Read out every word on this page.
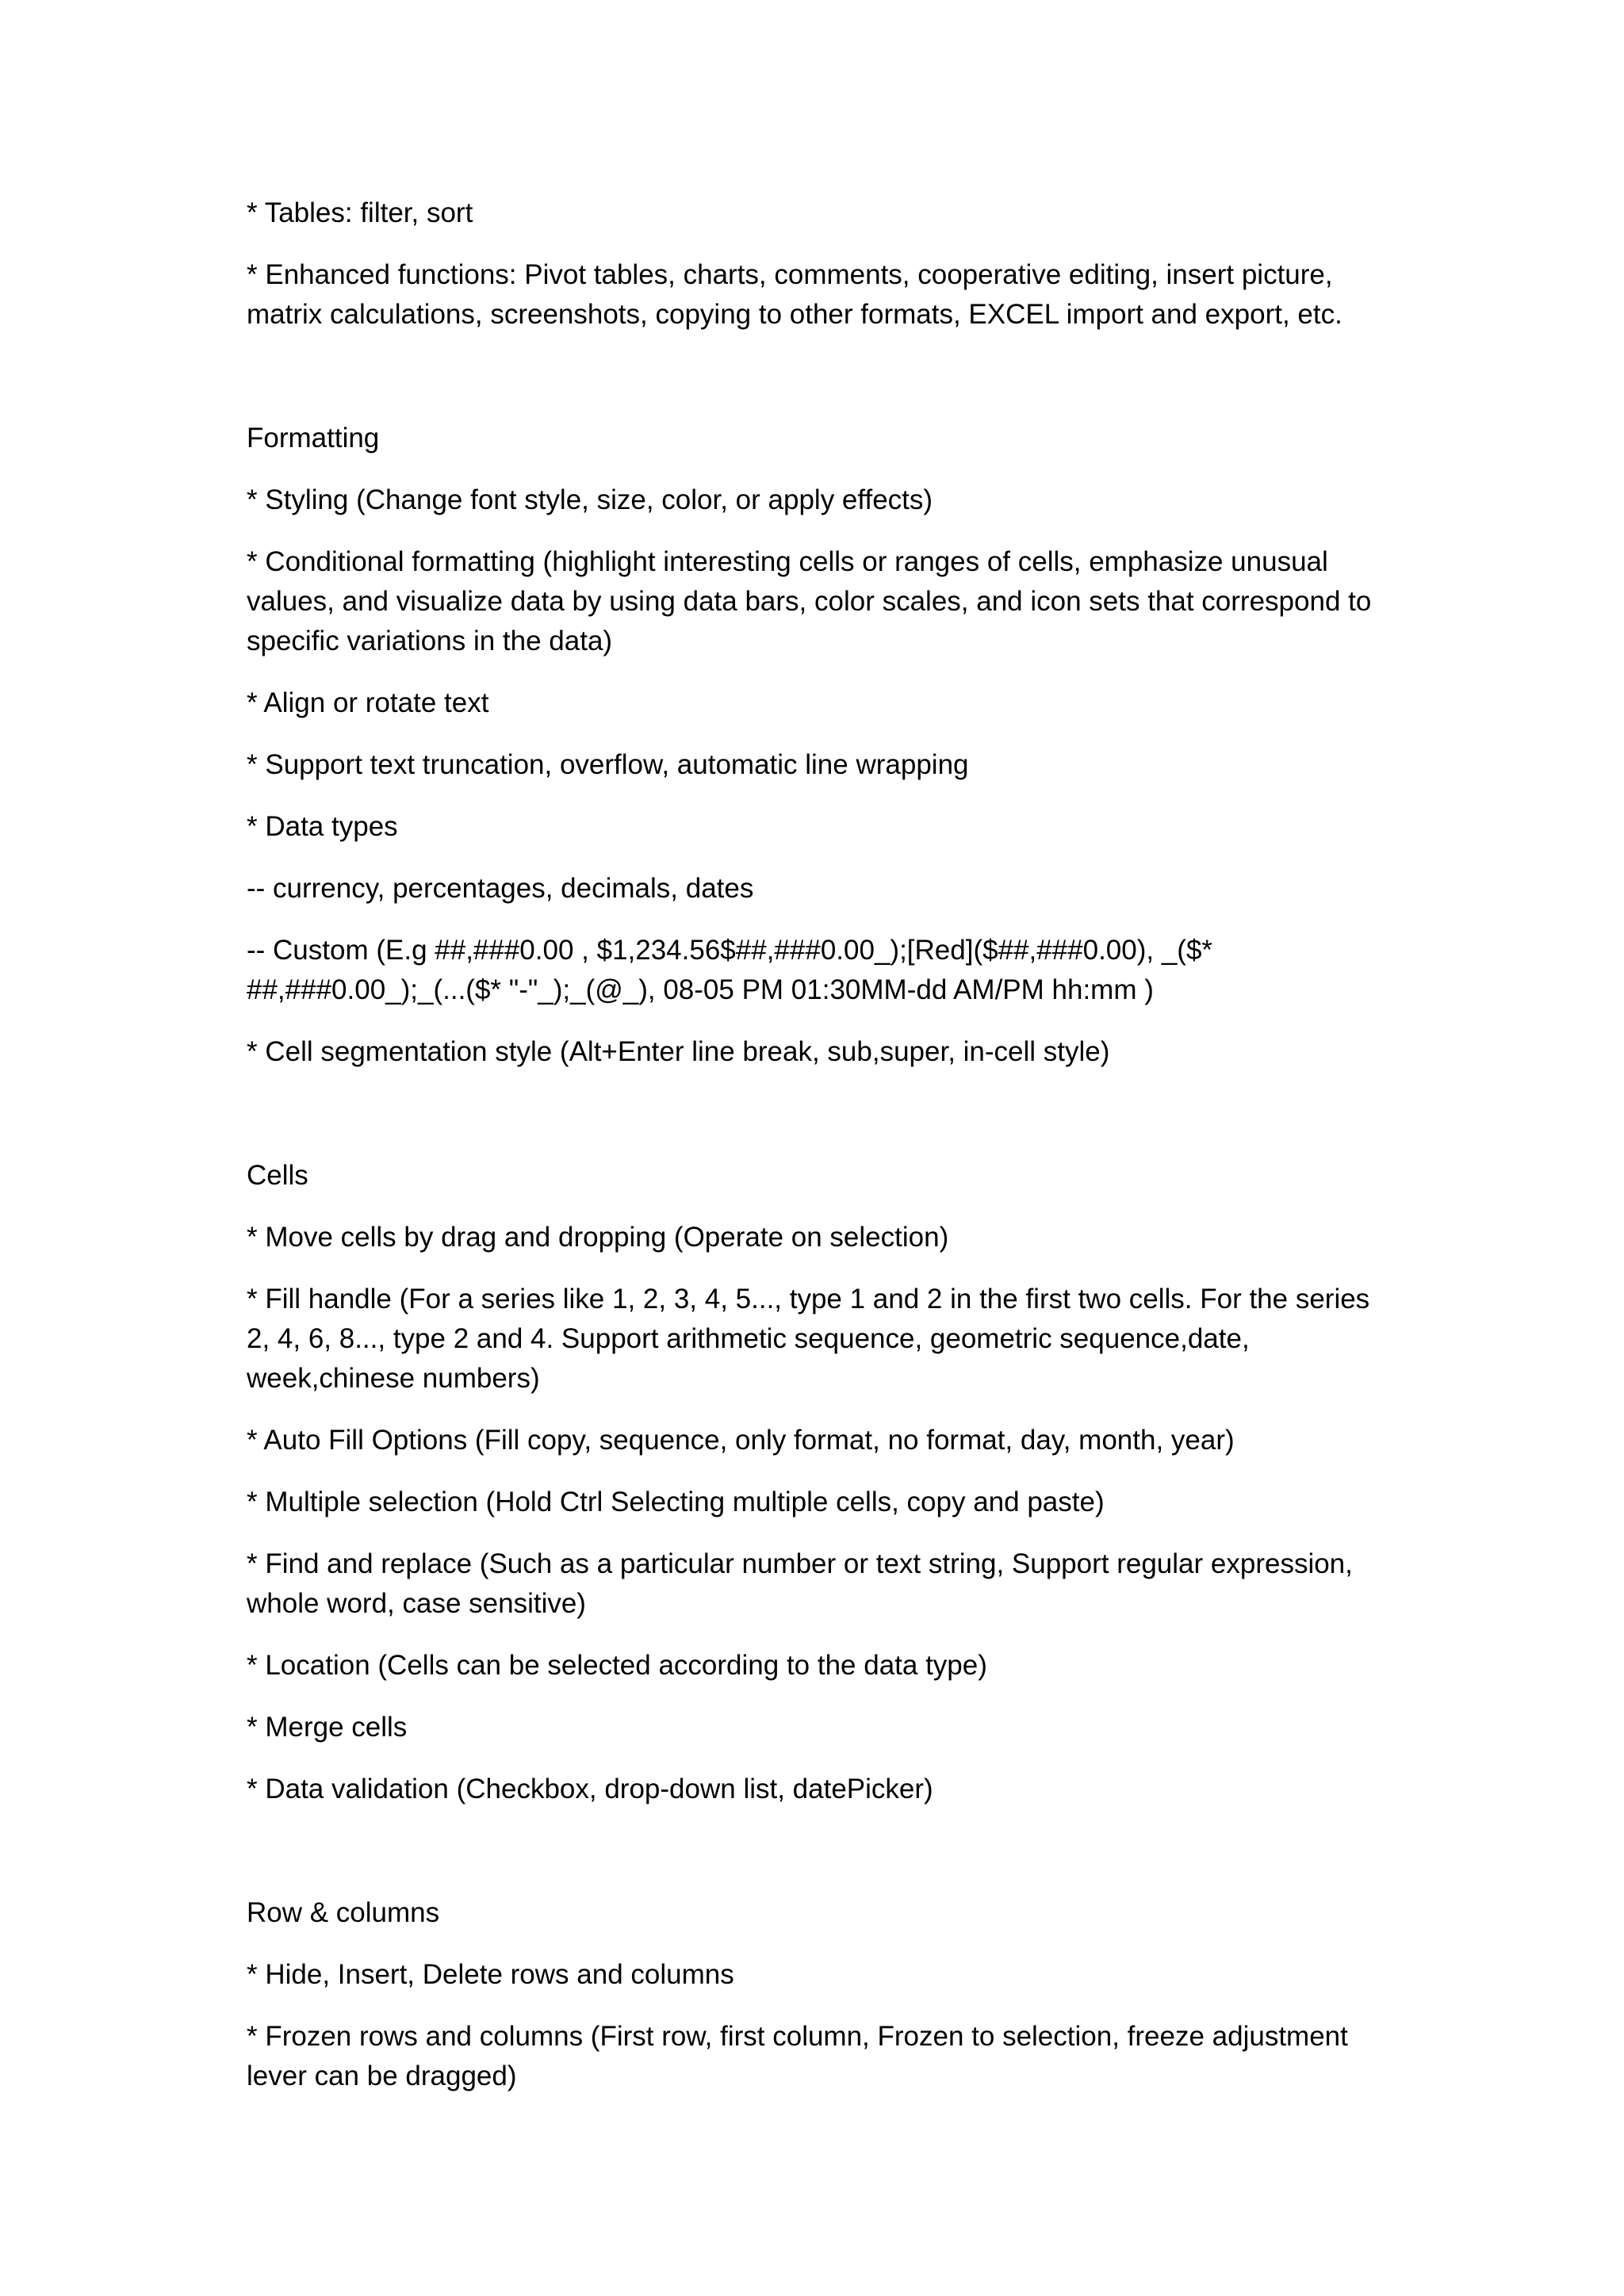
* Tables: filter, sort

* Enhanced functions: Pivot tables, charts, comments, cooperative editing, insert picture, matrix calculations, screenshots, copying to other formats, EXCEL import and export, etc.

Formatting

* Styling (Change font style, size, color, or apply effects)

* Conditional formatting (highlight interesting cells or ranges of cells, emphasize unusual values, and visualize data by using data bars, color scales, and icon sets that correspond to specific variations in the data)

* Align or rotate text

* Support text truncation, overflow, automatic line wrapping

* Data types

-- currency, percentages, decimals, dates

-- Custom (E.g ##,###0.00 , $1,234.56$##,###0.00_);[Red]($##,###0.00), _($* ##,###0.00_);_(...($* "-"_);_(@_), 08-05 PM 01:30MM-dd AM/PM hh:mm )

* Cell segmentation style (Alt+Enter line break, sub,super, in-cell style)

Cells

* Move cells by drag and dropping (Operate on selection)

* Fill handle (For a series like 1, 2, 3, 4, 5..., type 1 and 2 in the first two cells. For the series 2, 4, 6, 8..., type 2 and 4. Support arithmetic sequence, geometric sequence,date, week,chinese numbers)

* Auto Fill Options (Fill copy, sequence, only format, no format, day, month, year)

* Multiple selection (Hold Ctrl Selecting multiple cells, copy and paste)

* Find and replace (Such as a particular number or text string, Support regular expression, whole word, case sensitive)

* Location (Cells can be selected according to the data type)

* Merge cells

* Data validation (Checkbox, drop-down list, datePicker)

Row & columns

* Hide, Insert, Delete rows and columns

* Frozen rows and columns (First row, first column, Frozen to selection, freeze adjustment lever can be dragged)
